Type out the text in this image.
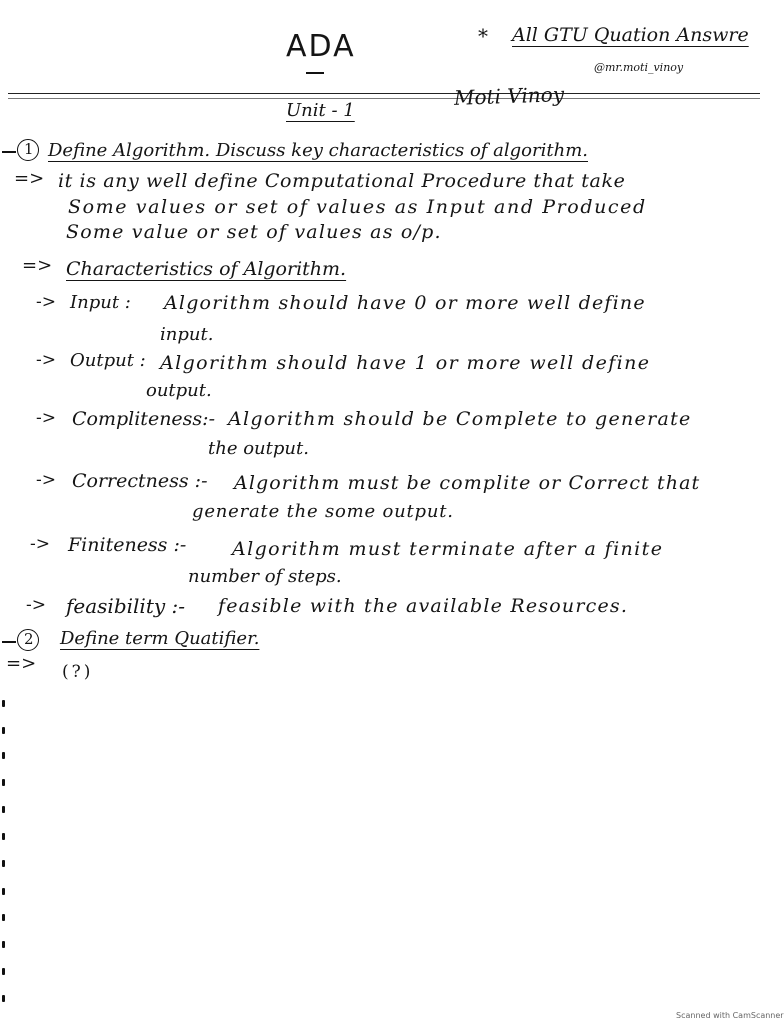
ADA	* All GTU Quation Answre
@mr.moti_vinoy
Moti Vinoy
Unit - 1
1 Define Algorithm. Discuss key characteristics of algorithm.
=> it is any well define Computational Procedure that take
Some values or set of values as Input and Produced
Some value or set of values as o/p.
=> Characteristics of Algorithm.
-> Input : Algorithm should have 0 or more well define
input.
-> Output : Algorithm should have 1 or more well define
output.
-> Compliteness:- Algorithm should be Complete to generate
the output.
-> Correctness :- Algorithm must be complite or Correct that
generate the some output.
-> Finiteness :- Algorithm must terminate after a finite
number of steps.
-> feasibility :- feasible with the available Resources.
2 Define term Quatifier.
=> (?)
Scanned with CamScanner
